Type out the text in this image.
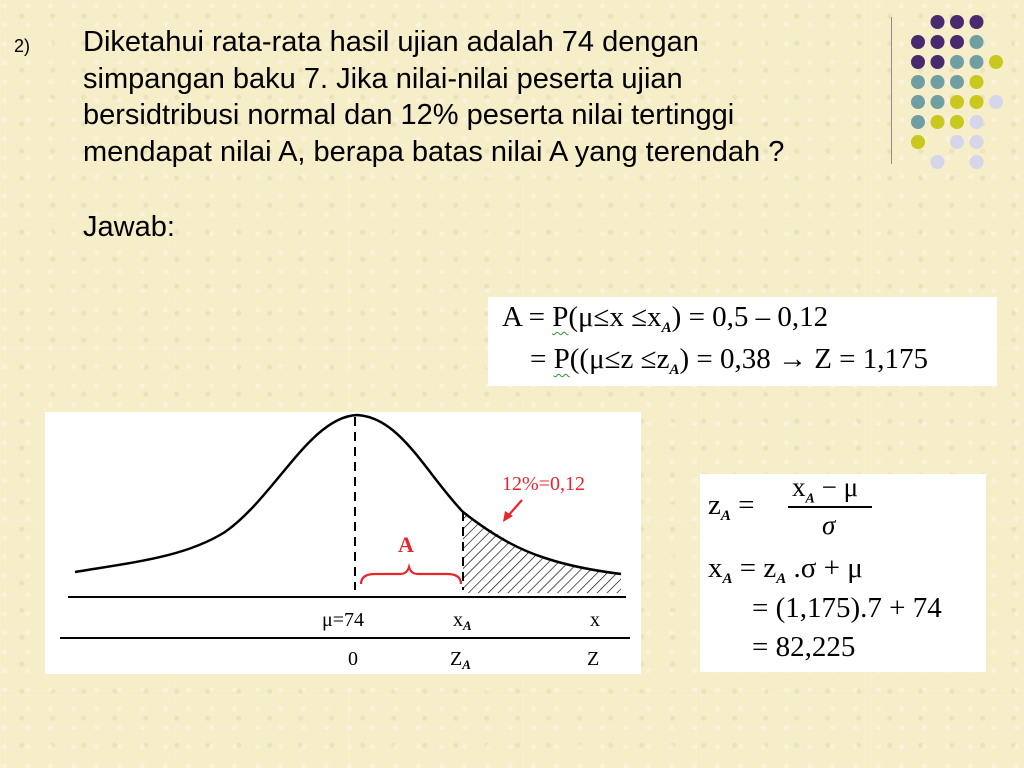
2) Diketahui rata-rata hasil ujian adalah 74 dengan
simpangan baku 7. Jika nilai-nilai peserta ujian
bersidtribusi normal dan 12% peserta nilai tertinggi
mendapat nilai A, berapa batas nilai A yang terendah ?
Jawab:
$A = P(\mu\le x \le x_A) = 0,5 - 0,12$
= $P((\mu\le z \le z_A) = 0,38 \to Z = 1,175$
A
12%=0,12
μ=74	$x_A$	x
0	$Z_A$	Z
$z_A$ =
$x_A - \mu$
σ
$x_A = z_A$ .σ + μ
= (1,175).7 + 74
= 82,225
